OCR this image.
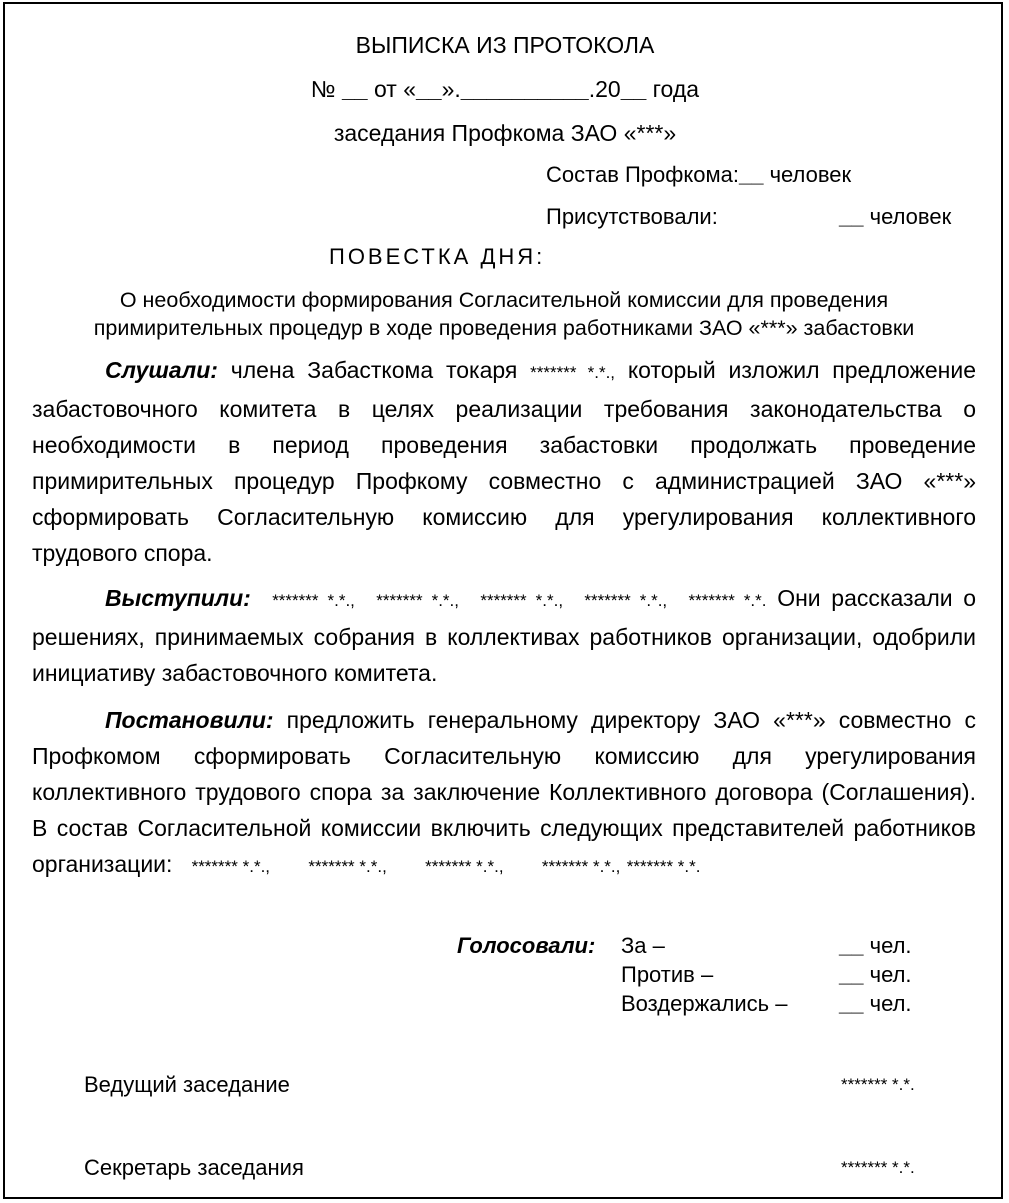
ВЫПИСКА ИЗ ПРОТОКОЛА
№ __ от «__».__________.20__ года
заседания Профкома ЗАО «***»
Состав Профкома:__ человек
Присутствовали:	__ человек
ПОВЕСТКА ДНЯ:
О необходимости формирования Согласительной комиссии для проведения
примирительных процедур в ходе проведения работниками ЗАО «***» забастовки
Слушали: члена Забасткома токаря ******* *.*., который изложил предложение забастовочного комитета в целях реализации требования законодательства о необходимости в период проведения забастовки продолжать проведение примирительных процедур Профкому совместно с администрацией ЗАО «***» сформировать Согласительную комиссию для урегулирования коллективного трудового спора.
Выступили: ******* *.*., ******* *.*., ******* *.*., ******* *.*., ******* *.*. Они рассказали о решениях, принимаемых собрания в коллективах работников организации, одобрили инициативу забастовочного комитета.
Постановили: предложить генеральному директору ЗАО «***» совместно с Профкомом сформировать Согласительную комиссию для урегулирования коллективного трудового спора за заключение Коллективного договора (Соглашения). В состав Согласительной комиссии включить следующих представителей работников организации: ******* *.*., ******* *.*., ******* *.*., ******* *.*., ******* *.*.
Голосовали: За –	__ чел.
Против –	__ чел.
Воздержались – __ чел.
Ведущий заседание	******* *.*.
Секретарь заседания	******* *.*.
